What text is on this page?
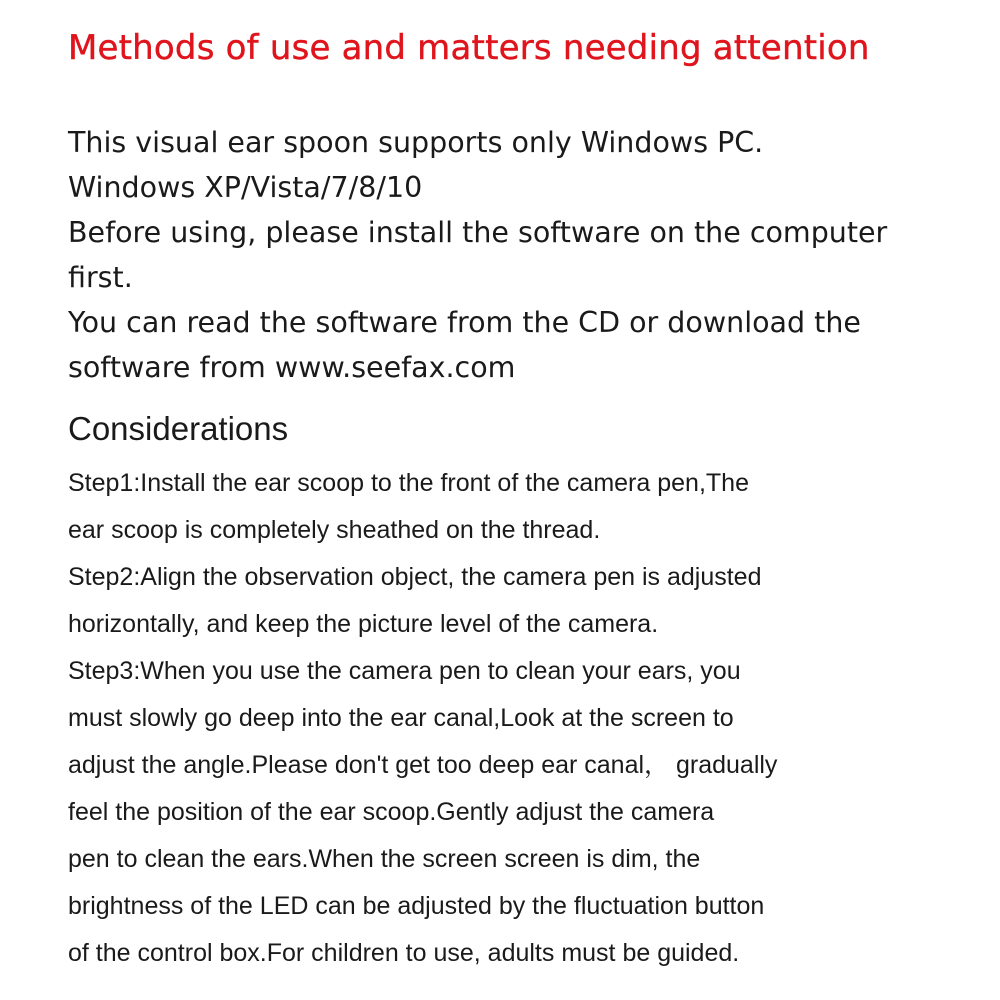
Methods of use and matters needing attention
This visual ear spoon supports only Windows PC.
Windows XP/Vista/7/8/10
Before using, please install the software on the computer
first.
You can read the software from the CD or download the
software from www.seefax.com
Considerations
Step1:Install the ear scoop to the front of the camera pen,The
ear scoop is completely sheathed on the thread.
Step2:Align the observation object, the camera pen is adjusted
horizontally, and keep the picture level of the camera.
Step3:When you use the camera pen to clean your ears, you
must slowly go deep into the ear canal,Look at the screen to
adjust the angle.Please don't get too deep ear canal， gradually
feel the position of the ear scoop.Gently adjust the camera
pen to clean the ears.When the screen screen is dim, the
brightness of the LED can be adjusted by the fluctuation button
of the control box.For children to use, adults must be guided.
